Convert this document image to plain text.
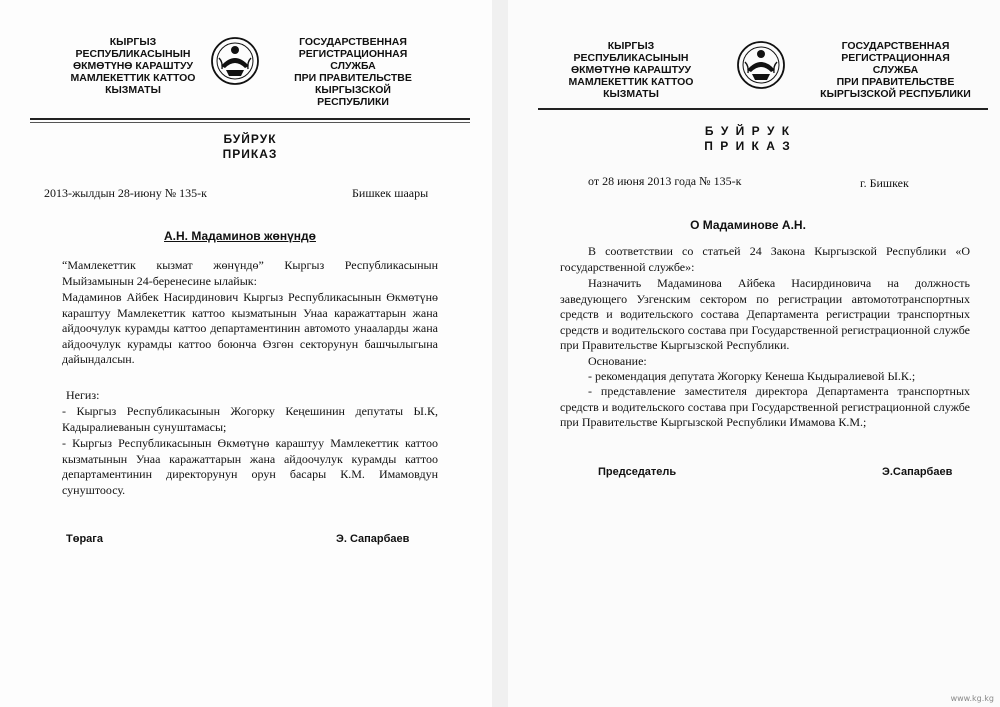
КЫРГЫЗ
РЕСПУБЛИКАСЫНЫН
ӨКМӨТҮНӨ КАРАШТУУ
МАМЛЕКЕТТИК КАТТОО
КЫЗМАТЫ
ГОСУДАРСТВЕННАЯ
РЕГИСТРАЦИОННАЯ
СЛУЖБА
ПРИ ПРАВИТЕЛЬСТВЕ
КЫРГЫЗСКОЙ
РЕСПУБЛИКИ
БУЙРУК
ПРИКАЗ
2013-жылдын 28-июну № 135-к	Бишкек шаары
А.Н. Мадаминов жөнүндө
“Мамлекеттик кызмат жөнүндө” Кыргыз Республикасынын Мыйзамынын 24-беренесине ылайык:
Мадаминов Айбек Насирдинович Кыргыз Республикасынын Өкмөтүнө караштуу Мамлекеттик каттоо кызматынын Унаа каражаттарын жана айдоочулук курамды каттоо департаментинин автомото унааларды жана айдоочулук курамды каттоо боюнча Өзгөн секторунун башчылыгына дайындалсын.
Негиз:
- Кыргыз Республикасынын Жогорку Кеңешинин депутаты Ы.К, Кадыралиеванын сунуштамасы;
- Кыргыз Республикасынын Өкмөтүнө караштуу Мамлекеттик каттоо кызматынын Унаа каражаттарын жана айдоочулук курамды каттоо департаментинин директорунун орун басары К.М. Имамовдун сунуштоосу.
Төрага	Э. Сапарбаев
КЫРГЫЗ
РЕСПУБЛИКАСЫНЫН
ӨКМӨТҮНӨ КАРАШТУУ
МАМЛЕКЕТТИК КАТТОО
КЫЗМАТЫ
ГОСУДАРСТВЕННАЯ
РЕГИСТРАЦИОННАЯ
СЛУЖБА
ПРИ ПРАВИТЕЛЬСТВЕ
КЫРГЫЗСКОЙ РЕСПУБЛИКИ
Б У Й Р У К
П Р И К А З
от 28 июня 2013 года № 135-к	г. Бишкек
О Мадаминове А.Н.
В соответствии со статьей 24 Закона Кыргызской Республики «О государственной службе»:
Назначить Мадаминова Айбека Насирдиновича на должность заведующего Узгенским сектором по регистрации автомототранспортных средств и водительского состава Департамента регистрации транспортных средств и водительского состава при Государственной регистрационной службе при Правительстве Кыргызской Республики.
Основание:
- рекомендация депутата Жогорку Кенеша Кыдыралиевой Ы.К.;
- представление заместителя директора Департамента транспортных средств и водительского состава при Государственной регистрационной службе при Правительстве Кыргызской Республики Имамова К.М.;
Председатель	Э.Сапарбаев
www.kg.kg
